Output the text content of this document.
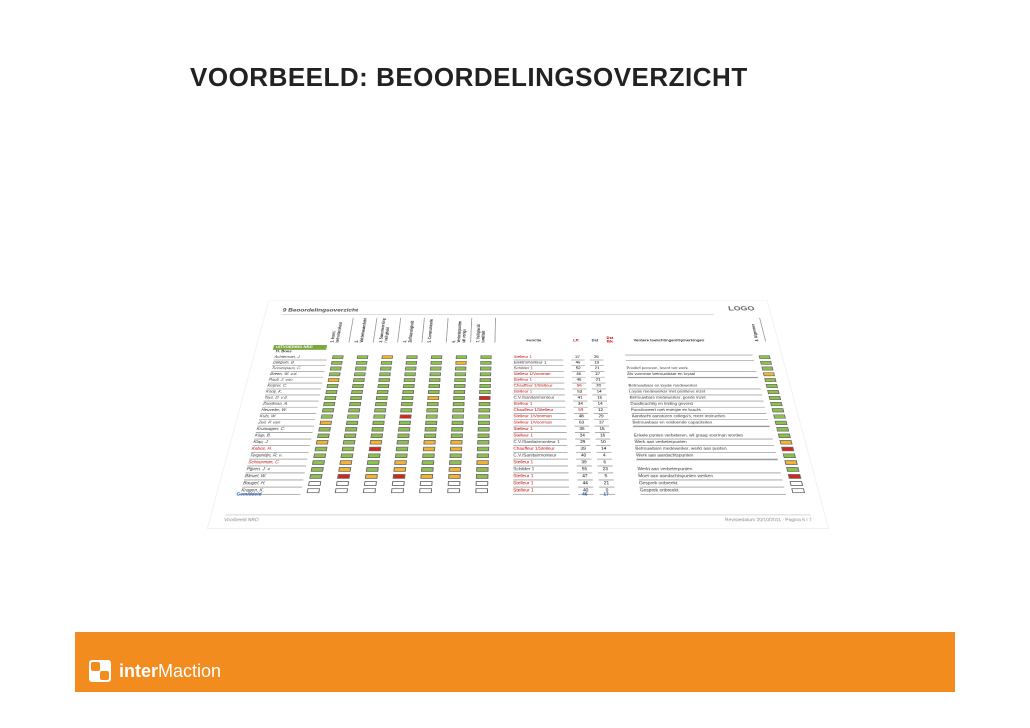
VOORBEELD: BEOORDELINGSOVERZICHT
9 Beoordelingsoverzicht	LOGO
1. Inzet / betrokkenheid	2. Vakbekwaamheid	3. Samenwerking / veiligheid	4. Zelfstandigheid	5. Communicatie	6. Verbeterpunten uit vorige	7. Veiligheid / kwaliteit	8. Algemeen
Functie	Lft	Dst
Dst Ble	Verdere toelichtingen/Opmerkingen
UITVOERING NRD
H. Boes
Achterman, J.	Stelleur 1	37	26
Dijkgum, B.	Elektromonteur 1	46	19
Tussenpaus, C.	Schilder 1	52	21	Positief persoon, levert net werk
Breen, W. v.d.	Stelleur 1/Voorman	45	27	Als voorman betrouwbaar en loyaal
Pauli, J. van	Stelleur 1	46	21
Keijzer, C.	Chauffeur 1/Stelleur	56	20	Betrouwbaar en loyale medewerker
Kooij, K.	Stelleur 1	53	14	Loyale medewerker met positieve inzet
Tour, D. v.d.	C.V./Sanitairmonteur	41	15	Betrouwbare medewerker, goede inzet
Zandman, A.	Stelleur 1	34	14	Daadkrachtig en leiding gevend
Heuveler, W.	Chauffeur 1/Stelleur	59	12	Functioneert met energie en kracht
Kuls, W.	Stelleur 1/Voorman	48	29	Aandacht aansturen collega's, meer instructies
Zeil, P. van	Stelleur 1/Voorman	63	37	Betrouwbaar en voldoende capaciteiten
Kruiwagen, C.	Stelleur 1	35	15
Klap, B.	Stelleur 1	34	16	Enkele punten verbeteren, wil graag voorman worden
Klap, J.	C.V./Sanitairmonteur 1	29	10	Werk aan verbeterpunten
Kabos, H.	Chauffeur 1/Stelleur	39	14	Betrouwbare medewerker, werkt aan punten
Tergentijn, R. v.	C.V./Sanitairmonteur	40	4	Werk aan aandachtspunten
Schuurman, C.	Stelleur 1	39	6
Pijpen, J. v.	Schilder 1	55	23	Werkt aan verbeterpunten
Bleuel, W.	Stelleur 1	47	5	Moet aan aandachtspunten werken
Baugel, H.	Stelleur 1	44	21	Gesprek onbreekt
Kragen, K.	Stelleur 1	40	0	Gesprek onbreekt
Gemiddeld	46	17
Voorbeeld NRD	Revisiedatum 20/10/2011 · Pagina 6 / 7
interMaction
